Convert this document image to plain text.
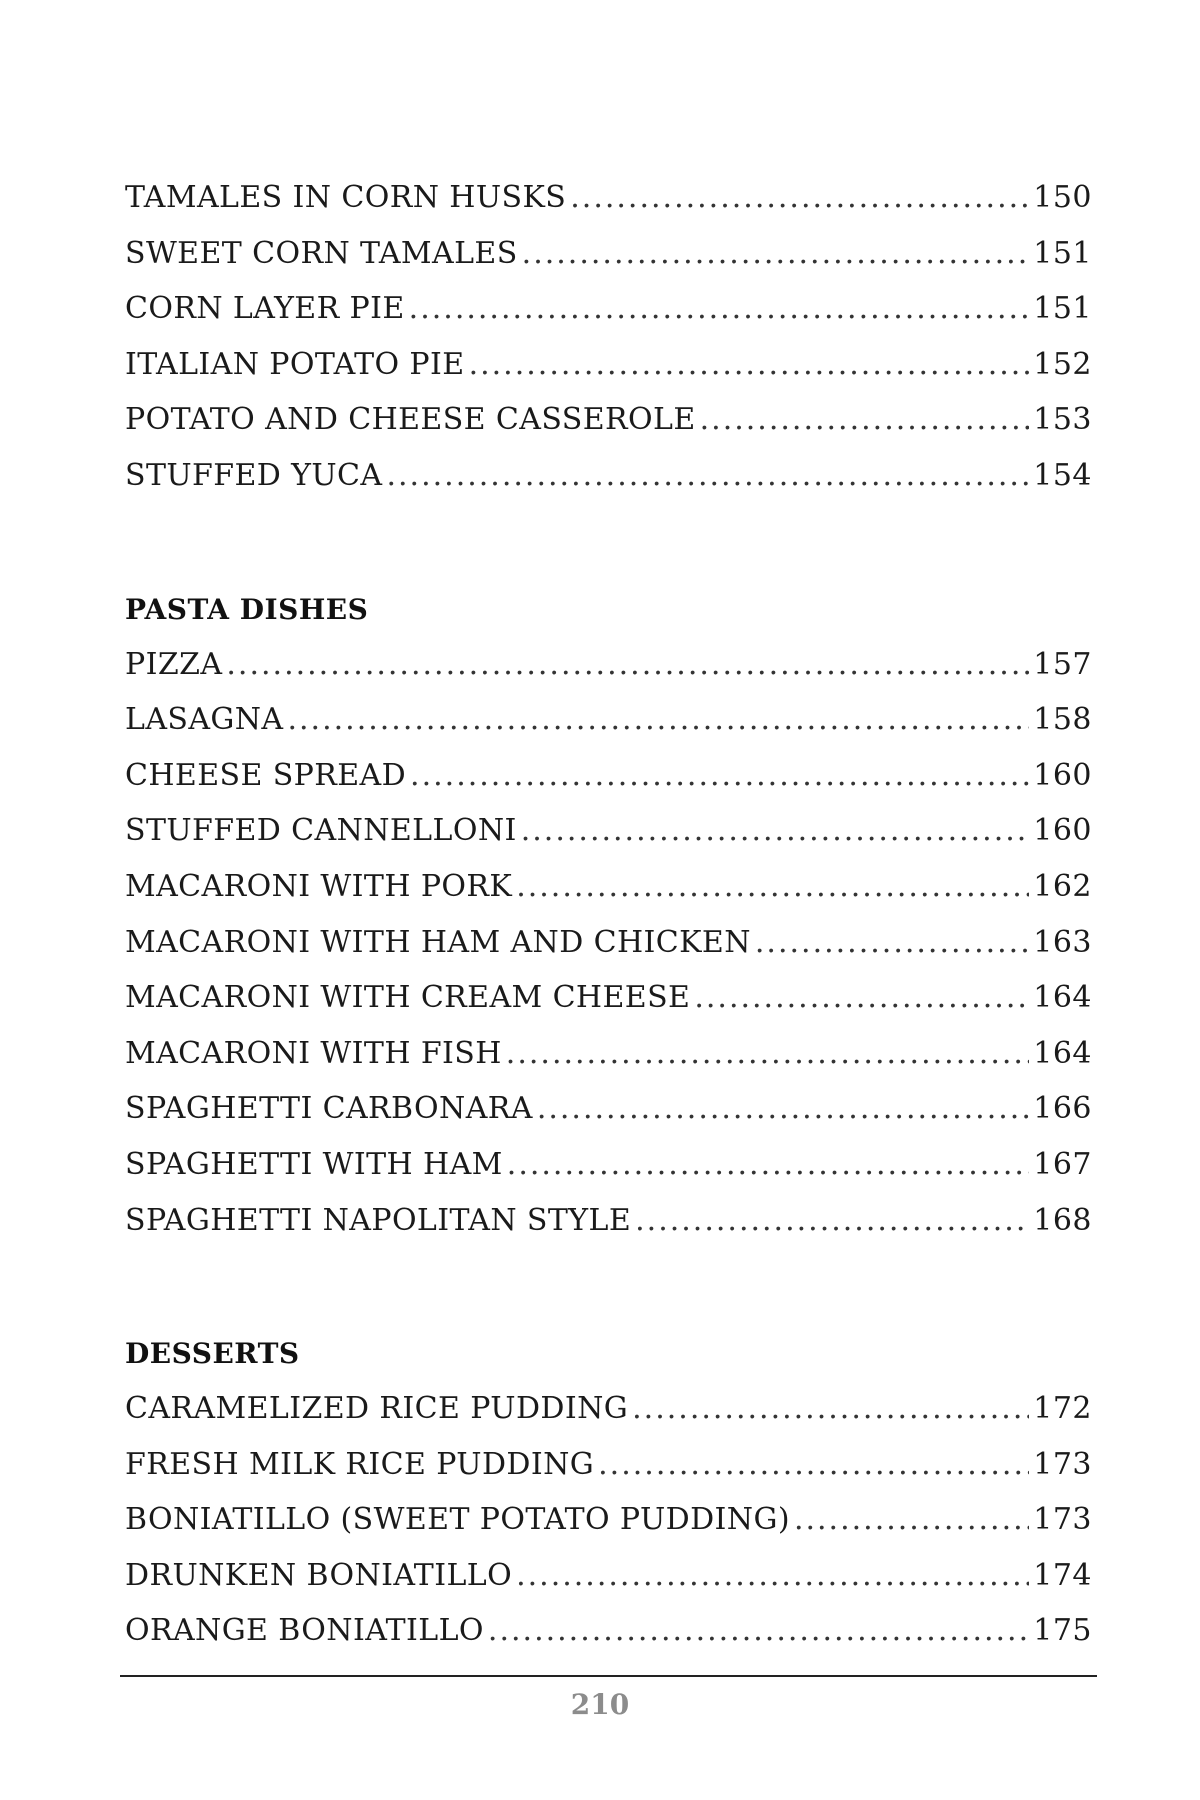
TAMALES IN CORN HUSKS .....	150
SWEET CORN TAMALES .....	151
CORN LAYER PIE .....	151
ITALIAN POTATO PIE .....	152
POTATO AND CHEESE CASSEROLE .....	153
STUFFED YUCA .....	154
PASTA DISHES
PIZZA .....	157
LASAGNA .....	158
CHEESE SPREAD .....	160
STUFFED CANNELLONI .....	160
MACARONI WITH PORK .....	162
MACARONI WITH HAM AND CHICKEN .....	163
MACARONI WITH CREAM CHEESE .....	164
MACARONI WITH FISH .....	164
SPAGHETTI CARBONARA .....	166
SPAGHETTI WITH HAM .....	167
SPAGHETTI NAPOLITAN STYLE .....	168
DESSERTS
CARAMELIZED RICE PUDDING .....	172
FRESH MILK RICE PUDDING .....	173
BONIATILLO (SWEET POTATO PUDDING) .....	173
DRUNKEN BONIATILLO .....	174
ORANGE BONIATILLO .....	175
210
